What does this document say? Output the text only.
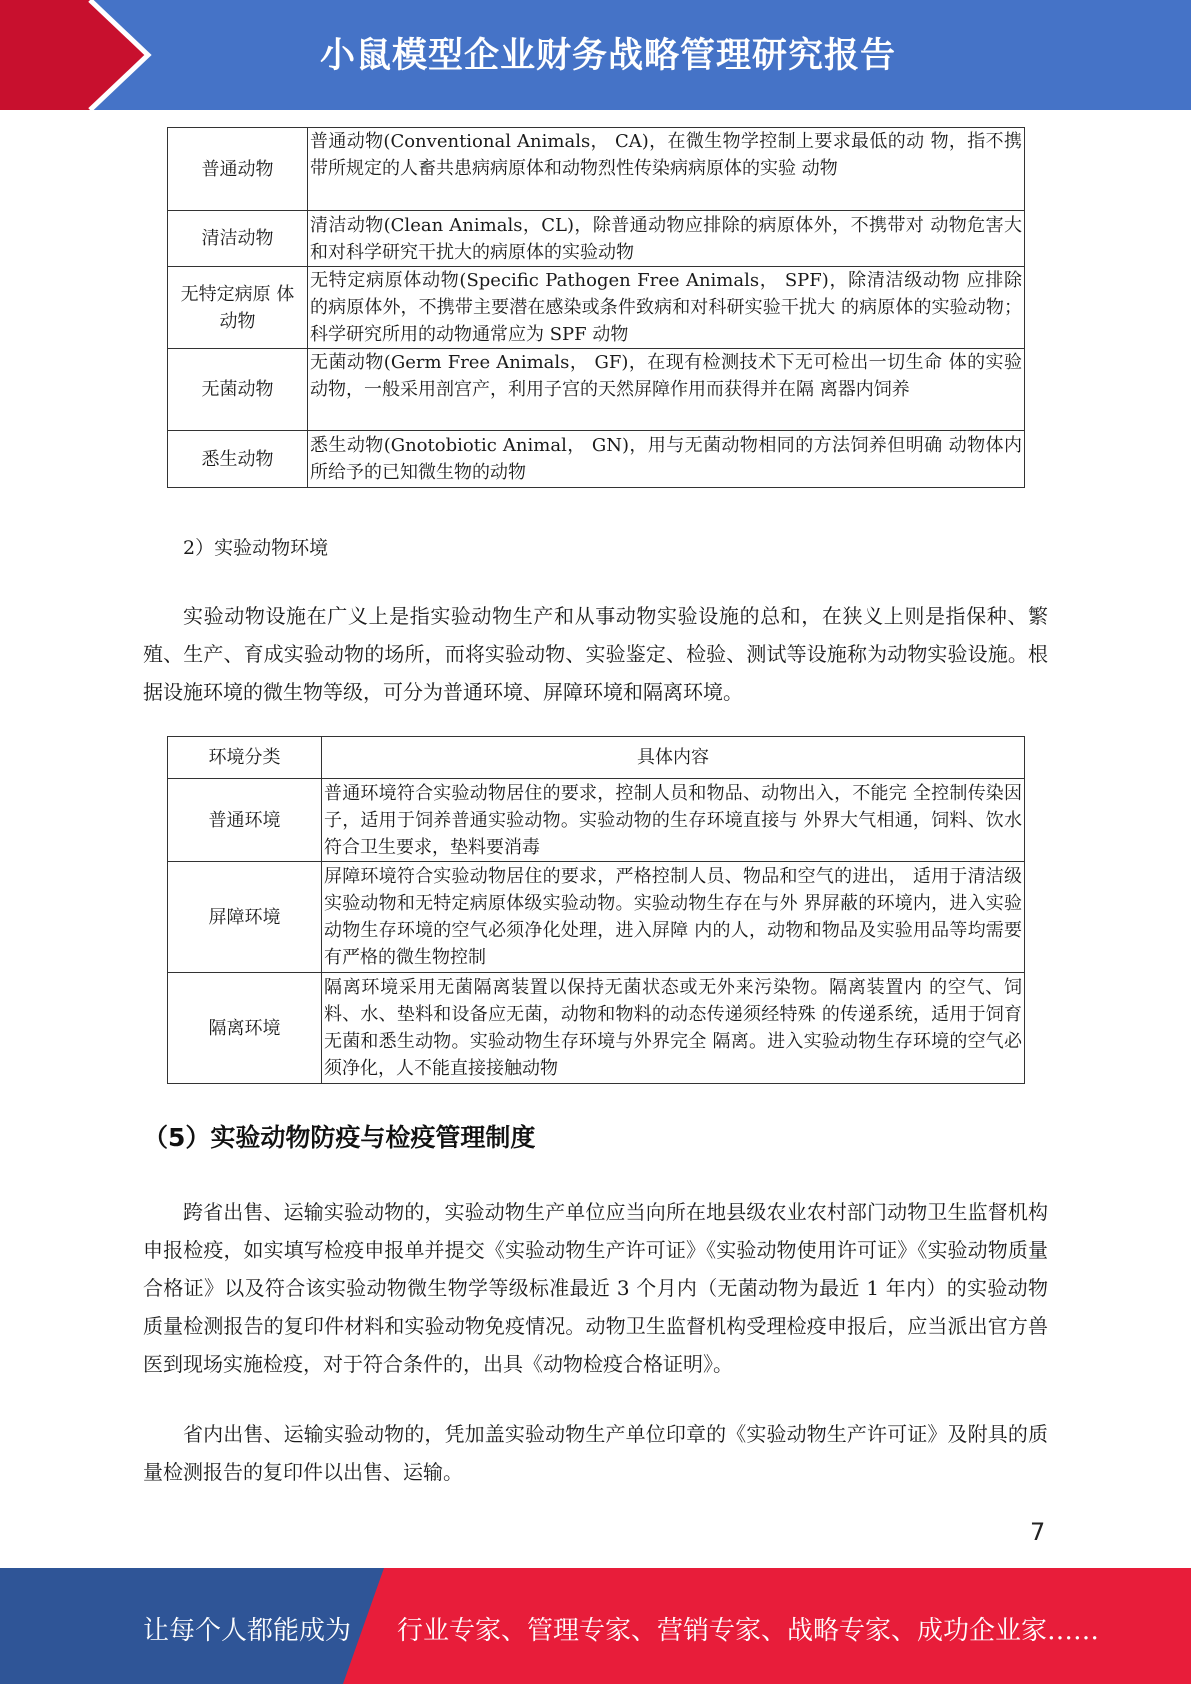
小鼠模型企业财务战略管理研究报告
普通动物	普通动物(Conventional Animals， CA)，在微生物学控制上要求最低的动 物，指不携带所规定的人畜共患病病原体和动物烈性传染病病原体的实验 动物
清洁动物	清洁动物(Clean Animals，CL)，除普通动物应排除的病原体外，不携带对 动物危害大和对科学研究干扰大的病原体的实验动物
无特定病原 体动物	无特定病原体动物(Specific Pathogen Free Animals， SPF)，除清洁级动物 应排除的病原体外，不携带主要潜在感染或条件致病和对科研实验干扰大 的病原体的实验动物；科学研究所用的动物通常应为 SPF 动物
无菌动物	无菌动物(Germ Free Animals， GF)，在现有检测技术下无可检出一切生命 体的实验动物，一般采用剖宫产，利用子宫的天然屏障作用而获得并在隔 离器内饲养
悉生动物	悉生动物(Gnotobiotic Animal， GN)，用与无菌动物相同的方法饲养但明确 动物体内所给予的已知微生物的动物
2）实验动物环境

实验动物设施在广义上是指实验动物生产和从事动物实验设施的总和，在狭义上则是指保种、繁殖、生产、育成实验动物的场所，而将实验动物、实验鉴定、检验、测试等设施称为动物实验设施。根据设施环境的微生物等级，可分为普通环境、屏障环境和隔离环境。

环境分类	具体内容
普通环境	普通环境符合实验动物居住的要求，控制人员和物品、动物出入，不能完 全控制传染因子，适用于饲养普通实验动物。实验动物的生存环境直接与 外界大气相通，饲料、饮水符合卫生要求，垫料要消毒
屏障环境	屏障环境符合实验动物居住的要求，严格控制人员、物品和空气的进出， 适用于清洁级实验动物和无特定病原体级实验动物。实验动物生存在与外 界屏蔽的环境内，进入实验动物生存环境的空气必须净化处理，进入屏障 内的人，动物和物品及实验用品等均需要有严格的微生物控制
隔离环境	隔离环境采用无菌隔离装置以保持无菌状态或无外来污染物。隔离装置内 的空气、饲料、水、垫料和设备应无菌，动物和物料的动态传递须经特殊 的传递系统，适用于饲育无菌和悉生动物。实验动物生存环境与外界完全 隔离。进入实验动物生存环境的空气必须净化，人不能直接接触动物
（5）实验动物防疫与检疫管理制度

跨省出售、运输实验动物的，实验动物生产单位应当向所在地县级农业农村部门动物卫生监督机构申报检疫，如实填写检疫申报单并提交《实验动物生产许可证》《实验动物使用许可证》《实验动物质量合格证》以及符合该实验动物微生物学等级标准最近 3 个月内（无菌动物为最近 1 年内）的实验动物质量检测报告的复印件材料和实验动物免疫情况。动物卫生监督机构受理检疫申报后，应当派出官方兽医到现场实施检疫，对于符合条件的，出具《动物检疫合格证明》。

省内出售、运输实验动物的，凭加盖实验动物生产单位印章的《实验动物生产许可证》及附具的质量检测报告的复印件以出售、运输。

7
让每个人都能成为 行业专家、管理专家、营销专家、战略专家、成功企业家……
